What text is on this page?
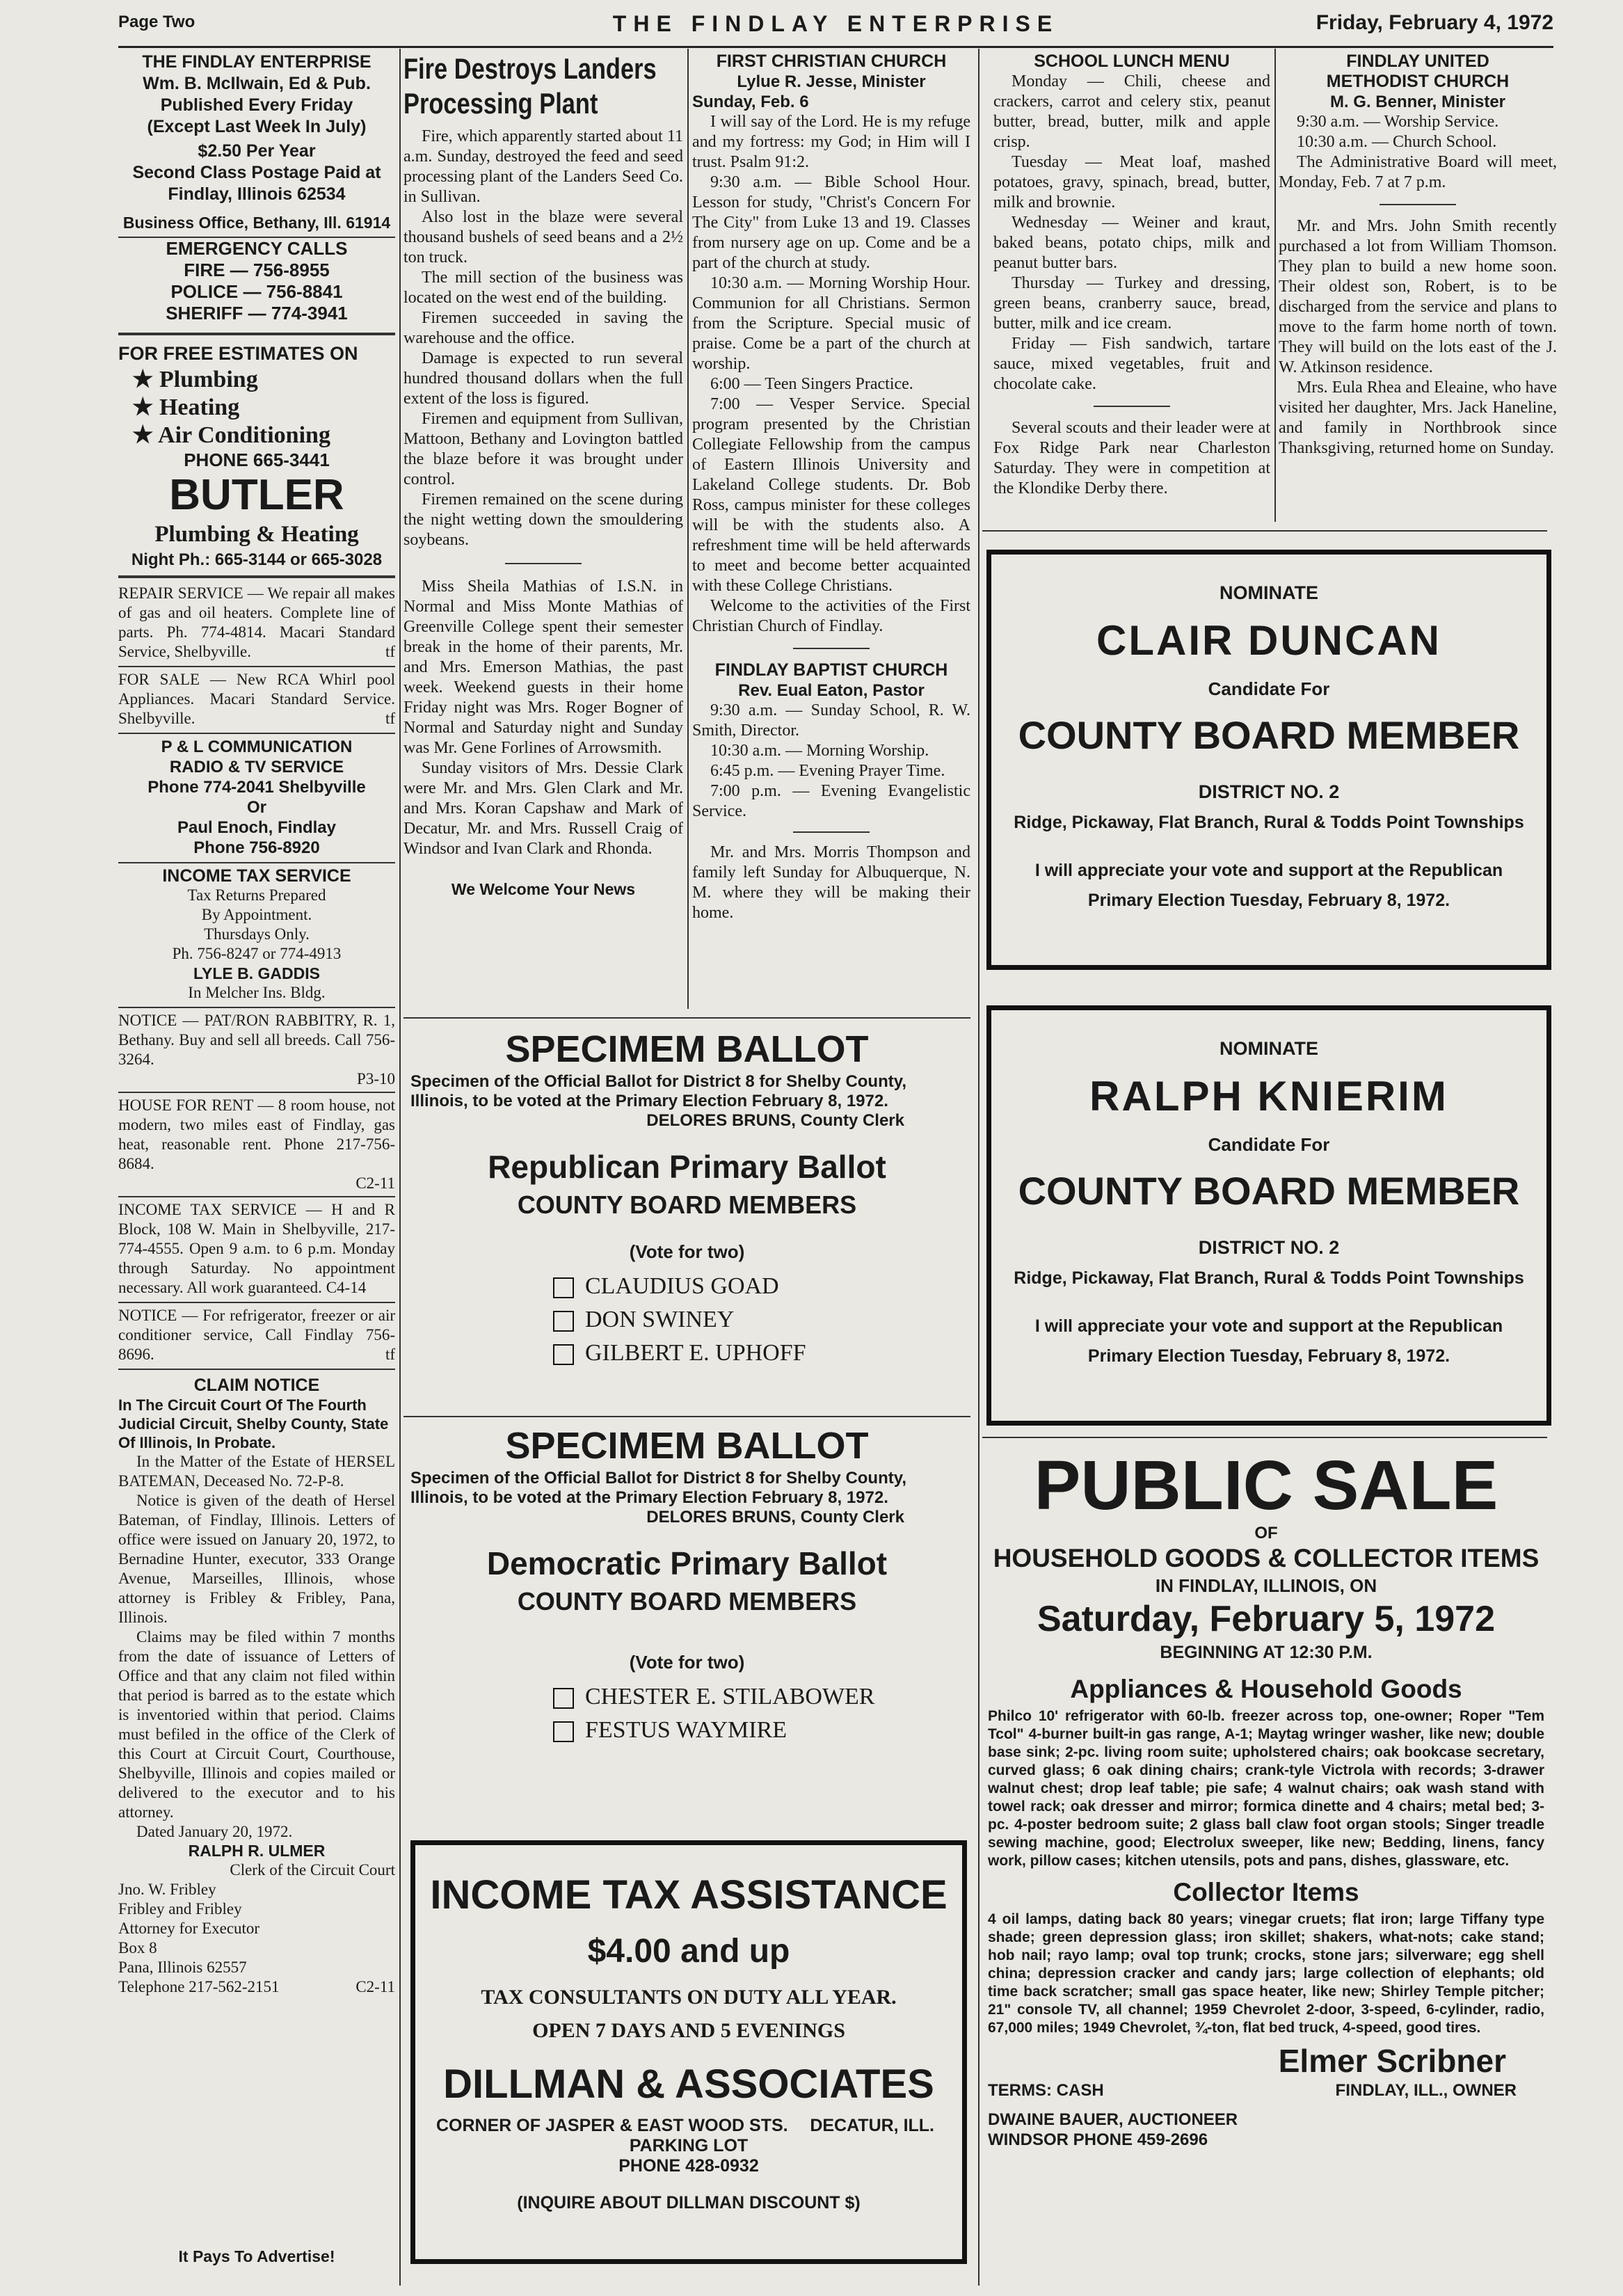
Page Two	THE FINDLAY ENTERPRISE	Friday, February 4, 1972
THE FINDLAY ENTERPRISE
Wm. B. McIlwain, Ed & Pub.
Published Every Friday
(Except Last Week In July)
$2.50 Per Year
Second Class Postage Paid at
Findlay, Illinois 62534
Business Office, Bethany, Ill. 61914
EMERGENCY CALLS
FIRE — 756-8955
POLICE — 756-8841
SHERIFF — 774-3941
FOR FREE ESTIMATES ON
★ Plumbing
★ Heating
★ Air Conditioning
PHONE 665-3441
BUTLER
Plumbing & Heating
Night Ph.: 665-3144 or 665-3028
REPAIR SERVICE — We repair all makes of gas and oil heaters. Complete line of parts. Ph. 774-4814. Macari Standard Service, Shelbyville.	tf
FOR SALE — New RCA Whirl pool Appliances. Macari Standard Service. Shelbyville.	tf
P & L COMMUNICATION
RADIO & TV SERVICE
Phone 774-2041 Shelbyville
Or
Paul Enoch, Findlay
Phone 756-8920
INCOME TAX SERVICE
Tax Returns Prepared
By Appointment.
Thursdays Only.
Ph. 756-8247 or 774-4913
LYLE B. GADDIS
In Melcher Ins. Bldg.
NOTICE — PAT/RON RABBITRY, R. 1, Bethany. Buy and sell all breeds. Call 756-3264.
P3-10
HOUSE FOR RENT — 8 room house, not modern, two miles east of Findlay, gas heat, reasonable rent. Phone 217-756-8684.
C2-11
INCOME TAX SERVICE — H and R Block, 108 W. Main in Shelbyville, 217-774-4555. Open 9 a.m. to 6 p.m. Monday through Saturday. No appointment necessary. All work guaranteed. C4-14
NOTICE — For refrigerator, freezer or air conditioner service, Call Findlay 756-8696.	tf
CLAIM NOTICE
In The Circuit Court Of The Fourth Judicial Circuit, Shelby County, State Of Illinois, In Probate.

In the Matter of the Estate of HERSEL BATEMAN, Deceased No. 72-P-8.

Notice is given of the death of Hersel Bateman, of Findlay, Illinois. Letters of office were issued on January 20, 1972, to Bernadine Hunter, executor, 333 Orange Avenue, Marseilles, Illinois, whose attorney is Fribley & Fribley, Pana, Illinois.

Claims may be filed within 7 months from the date of issuance of Letters of Office and that any claim not filed within that period is barred as to the estate which is inventoried within that period. Claims must befiled in the office of the Clerk of this Court at Circuit Court, Courthouse, Shelbyville, Illinois and copies mailed or delivered to the executor and to his attorney.

Dated January 20, 1972.

RALPH R. ULMER
Clerk of the Circuit Court
Jno. W. Fribley
Fribley and Fribley
Attorney for Executor
Box 8
Pana, Illinois 62557
Telephone 217-562-2151	C2-11
It Pays To Advertise!
Fire Destroys Landers
Processing Plant

Fire, which apparently started about 11 a.m. Sunday, destroyed the feed and seed processing plant of the Landers Seed Co. in Sullivan.

Also lost in the blaze were several thousand bushels of seed beans and a 2½ ton truck.

The mill section of the business was located on the west end of the building.

Firemen succeeded in saving the warehouse and the office.

Damage is expected to run several hundred thousand dollars when the full extent of the loss is figured.

Firemen and equipment from Sullivan, Mattoon, Bethany and Lovington battled the blaze before it was brought under control.

Firemen remained on the scene during the night wetting down the smouldering soybeans.

Miss Sheila Mathias of I.S.N. in Normal and Miss Monte Mathias of Greenville College spent their semester break in the home of their parents, Mr. and Mrs. Emerson Mathias, the past week. Weekend guests in their home Friday night was Mrs. Roger Bogner of Normal and Saturday night and Sunday was Mr. Gene Forlines of Arrowsmith.

Sunday visitors of Mrs. Dessie Clark were Mr. and Mrs. Glen Clark and Mr. and Mrs. Koran Capshaw and Mark of Decatur, Mr. and Mrs. Russell Craig of Windsor and Ivan Clark and Rhonda.

We Welcome Your News
FIRST CHRISTIAN CHURCH
Lylue R. Jesse, Minister
Sunday, Feb. 6

I will say of the Lord. He is my refuge and my fortress: my God; in Him will I trust. Psalm 91:2.

9:30 a.m. — Bible School Hour. Lesson for study, "Christ's Concern For The City" from Luke 13 and 19. Classes from nursery age on up. Come and be a part of the church at study.

10:30 a.m. — Morning Worship Hour. Communion for all Christians. Sermon from the Scripture. Special music of praise. Come be a part of the church at worship.

6:00 — Teen Singers Practice.

7:00 — Vesper Service. Special program presented by the Christian Collegiate Fellowship from the campus of Eastern Illinois University and Lakeland College students. Dr. Bob Ross, campus minister for these colleges will be with the students also. A refreshment time will be held afterwards to meet and become better acquainted with these College Christians.

Welcome to the activities of the First Christian Church of Findlay.

FINDLAY BAPTIST CHURCH
Rev. Eual Eaton, Pastor

9:30 a.m. — Sunday School, R. W. Smith, Director.

10:30 a.m. — Morning Worship.

6:45 p.m. — Evening Prayer Time.

7:00 p.m. — Evening Evangelistic Service.

Mr. and Mrs. Morris Thompson and family left Sunday for Albuquerque, N. M. where they will be making their home.

SCHOOL LUNCH MENU

Monday — Chili, cheese and crackers, carrot and celery stix, peanut butter, bread, butter, milk and apple crisp.

Tuesday — Meat loaf, mashed potatoes, gravy, spinach, bread, butter, milk and brownie.

Wednesday — Weiner and kraut, baked beans, potato chips, milk and peanut butter bars.

Thursday — Turkey and dressing, green beans, cranberry sauce, bread, butter, milk and ice cream.

Friday — Fish sandwich, tartare sauce, mixed vegetables, fruit and chocolate cake.

Several scouts and their leader were at Fox Ridge Park near Charleston Saturday. They were in competition at the Klondike Derby there.

FINDLAY UNITED
METHODIST CHURCH
M. G. Benner, Minister

9:30 a.m. — Worship Service.

10:30 a.m. — Church School.

The Administrative Board will meet, Monday, Feb. 7 at 7 p.m.

Mr. and Mrs. John Smith recently purchased a lot from William Thomson. They plan to build a new home soon. Their oldest son, Robert, is to be discharged from the service and plans to move to the farm home north of town. They will build on the lots east of the J. W. Atkinson residence.

Mrs. Eula Rhea and Eleaine, who have visited her daughter, Mrs. Jack Haneline, and family in Northbrook since Thanksgiving, returned home on Sunday.

NOMINATE
CLAIR DUNCAN
Candidate For
COUNTY BOARD MEMBER
DISTRICT NO. 2
Ridge, Pickaway, Flat Branch, Rural & Todds Point Townships
I will appreciate your vote and support at the Republican
Primary Election Tuesday, February 8, 1972.
NOMINATE
RALPH KNIERIM
Candidate For
COUNTY BOARD MEMBER
DISTRICT NO. 2
Ridge, Pickaway, Flat Branch, Rural & Todds Point Townships
I will appreciate your vote and support at the Republican
Primary Election Tuesday, February 8, 1972.
SPECIMEM BALLOT
Specimen of the Official Ballot for District 8 for Shelby County,
Illinois, to be voted at the Primary Election February 8, 1972.
DELORES BRUNS, County Clerk
Republican Primary Ballot
COUNTY BOARD MEMBERS
(Vote for two)
CLAUDIUS GOAD
DON SWINEY
GILBERT E. UPHOFF
SPECIMEM BALLOT
Specimen of the Official Ballot for District 8 for Shelby County,
Illinois, to be voted at the Primary Election February 8, 1972.
DELORES BRUNS, County Clerk
Democratic Primary Ballot
COUNTY BOARD MEMBERS
(Vote for two)
CHESTER E. STILABOWER
FESTUS WAYMIRE
INCOME TAX ASSISTANCE
$4.00 and up
TAX CONSULTANTS ON DUTY ALL YEAR.
OPEN 7 DAYS AND 5 EVENINGS
DILLMAN & ASSOCIATES
CORNER OF JASPER & EAST WOOD STS. DECATUR, ILL.
PARKING LOT
PHONE 428-0932
(INQUIRE ABOUT DILLMAN DISCOUNT $)
PUBLIC SALE
OF
HOUSEHOLD GOODS & COLLECTOR ITEMS
IN FINDLAY, ILLINOIS, ON
Saturday, February 5, 1972
BEGINNING AT 12:30 P.M.
Appliances & Household Goods
Philco 10' refrigerator with 60-lb. freezer across top, one-owner; Roper "Tem Tcol" 4-burner built-in gas range, A-1; Maytag wringer washer, like new; double base sink; 2-pc. living room suite; upholstered chairs; oak bookcase secretary, curved glass; 6 oak dining chairs; crank-tyle Victrola with records; 3-drawer walnut chest; drop leaf table; pie safe; 4 walnut chairs; oak wash stand with towel rack; oak dresser and mirror; formica dinette and 4 chairs; metal bed; 3-pc. 4-poster bedroom suite; 2 glass ball claw foot organ stools; Singer treadle sewing machine, good; Electrolux sweeper, like new; Bedding, linens, fancy work, pillow cases; kitchen utensils, pots and pans, dishes, glassware, etc.
Collector Items
4 oil lamps, dating back 80 years; vinegar cruets; flat iron; large Tiffany type shade; green depression glass; iron skillet; shakers, what-nots; cake stand; hob nail; rayo lamp; oval top trunk; crocks, stone jars; silverware; egg shell china; depression cracker and candy jars; large collection of elephants; old time back scratcher; small gas space heater, like new; Shirley Temple pitcher; 21" console TV, all channel; 1959 Chevrolet 2-door, 3-speed, 6-cylinder, radio, 67,000 miles; 1949 Chevrolet, ¾-ton, flat bed truck, 4-speed, good tires.
Elmer Scribner
TERMS: CASH	FINDLAY, ILL., OWNER
DWAINE BAUER, AUCTIONEER
WINDSOR PHONE 459-2696
